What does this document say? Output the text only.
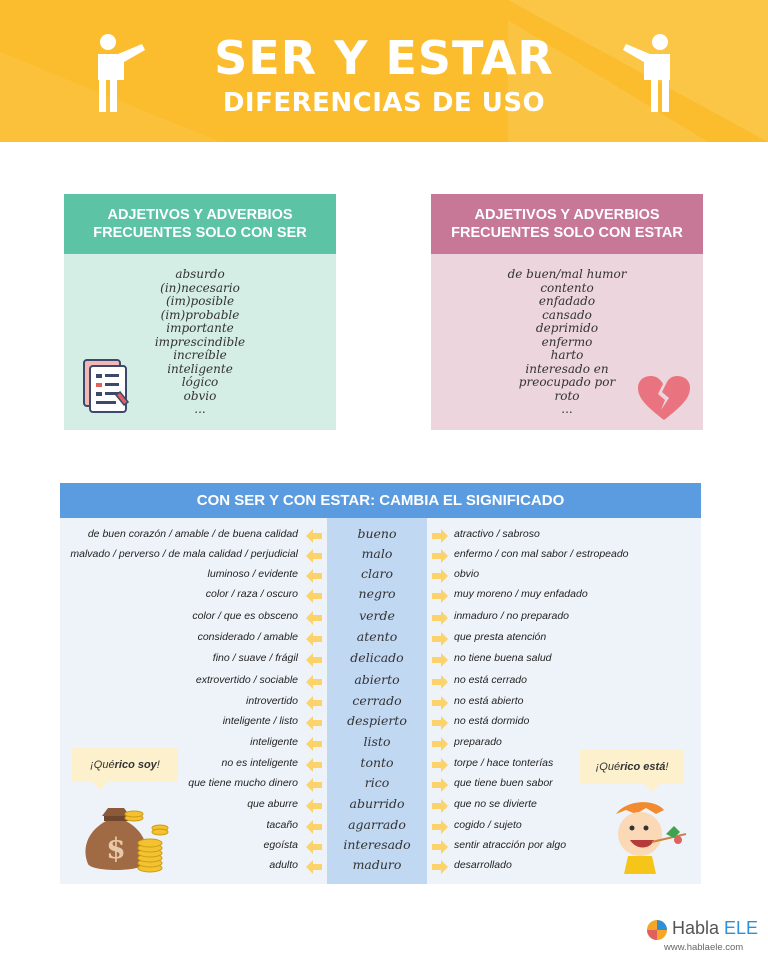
SER Y ESTAR
DIFERENCIAS DE USO
ADJETIVOS Y ADVERBIOS FRECUENTES SOLO CON SER
absurdo
(in)necesario
(im)posible
(im)probable
importante
imprescindible
increíble
inteligente
lógico
obvio
...
ADJETIVOS Y ADVERBIOS FRECUENTES SOLO CON ESTAR
de buen/mal humor
contento
enfadado
cansado
deprimido
enfermo
harto
interesado en
preocupado por
roto
...
CON SER Y CON ESTAR: CAMBIA EL SIGNIFICADO
de buen corazón / amable / de buena calidad	bueno	atractivo / sabroso
malvado / perverso / de mala calidad / perjudicial	malo	enfermo / con mal sabor / estropeado
luminoso / evidente	claro	obvio
color / raza / oscuro	negro	muy moreno / muy enfadado
color / que es obsceno	verde	inmaduro / no preparado
considerado / amable	atento	que presta atención
fino / suave / frágil	delicado	no tiene buena salud
extrovertido / sociable	abierto	no está cerrado
introvertido	cerrado	no está abierto
inteligente / listo	despierto	no está dormido
inteligente	listo	preparado
no es inteligente	tonto	torpe / hace tonterías
que tiene mucho dinero	rico	que tiene buen sabor
que aburre	aburrido	que no se divierte
tacaño	agarrado	cogido / sujeto
egoísta	interesado	sentir atracción por algo
adulto	maduro	desarrollado
¡Qué rico soy !	¡Qué rico está !
$
Habla ELE
www.hablaele.com
